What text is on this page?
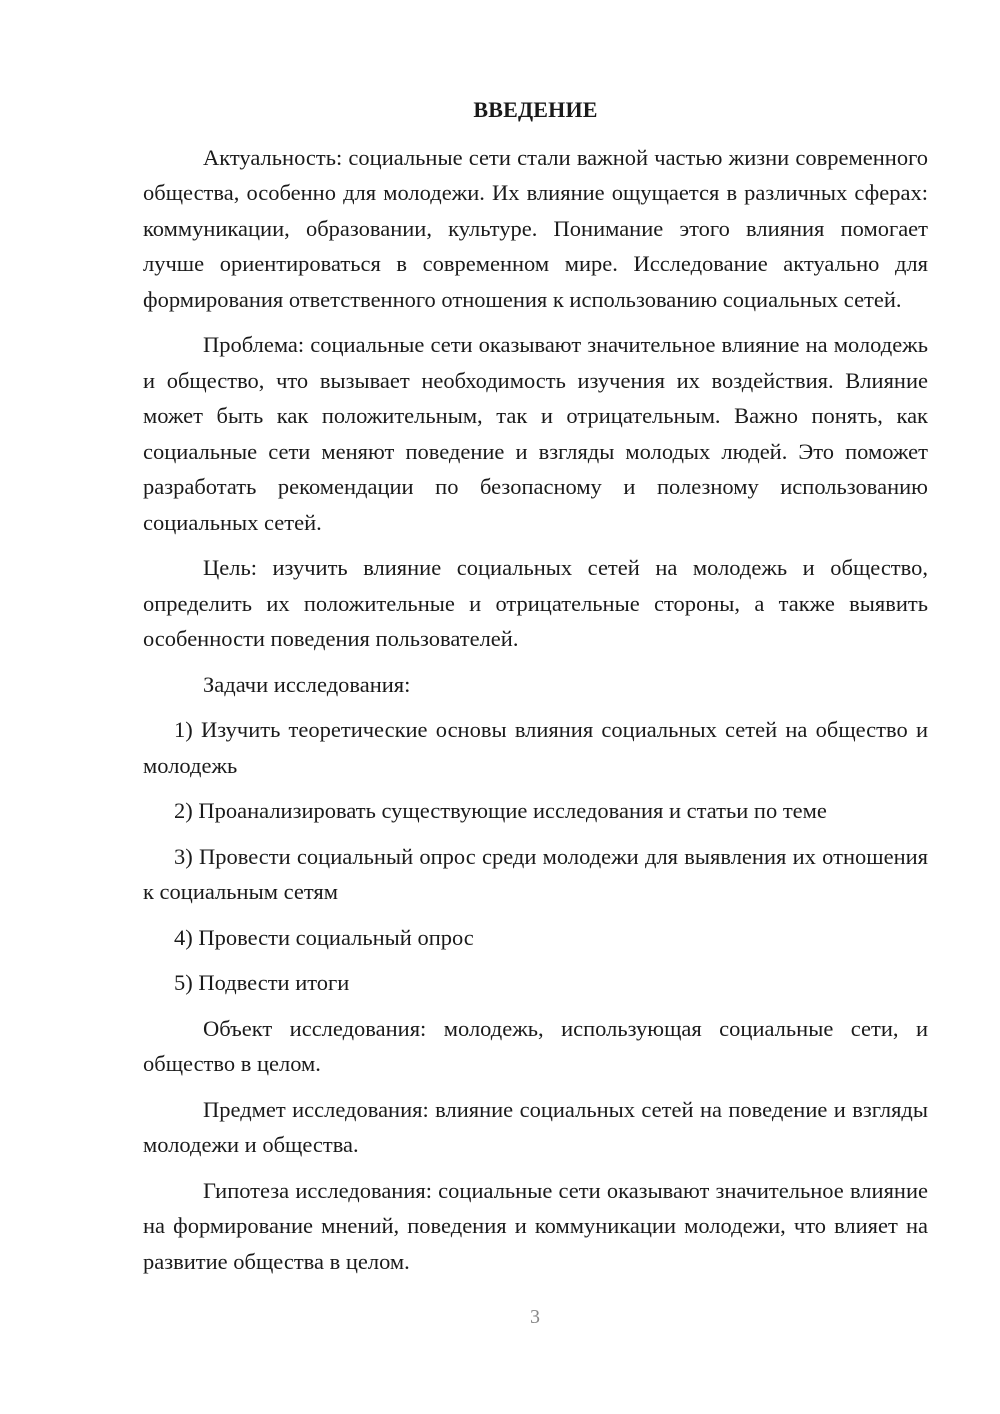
ВВЕДЕНИЕ

Актуальность: социальные сети стали важной частью жизни современного общества, особенно для молодежи. Их влияние ощущается в различных сферах: коммуникации, образовании, культуре. Понимание этого влияния помогает лучше ориентироваться в современном мире. Исследование актуально для формирования ответственного отношения к использованию социальных сетей.

Проблема: социальные сети оказывают значительное влияние на молодежь и общество, что вызывает необходимость изучения их воздействия. Влияние может быть как положительным, так и отрицательным. Важно понять, как социальные сети меняют поведение и взгляды молодых людей. Это поможет разработать рекомендации по безопасному и полезному использованию социальных сетей.

Цель: изучить влияние социальных сетей на молодежь и общество, определить их положительные и отрицательные стороны, а также выявить особенности поведения пользователей.

Задачи исследования:

1) Изучить теоретические основы влияния социальных сетей на общество и молодежь

2) Проанализировать существующие исследования и статьи по теме

3) Провести социальный опрос среди молодежи для выявления их отношения к социальным сетям

4) Провести социальный опрос

5) Подвести итоги

Объект исследования: молодежь, использующая социальные сети, и общество в целом.

Предмет исследования: влияние социальных сетей на поведение и взгляды молодежи и общества.

Гипотеза исследования: социальные сети оказывают значительное влияние на формирование мнений, поведения и коммуникации молодежи, что влияет на развитие общества в целом.

3
